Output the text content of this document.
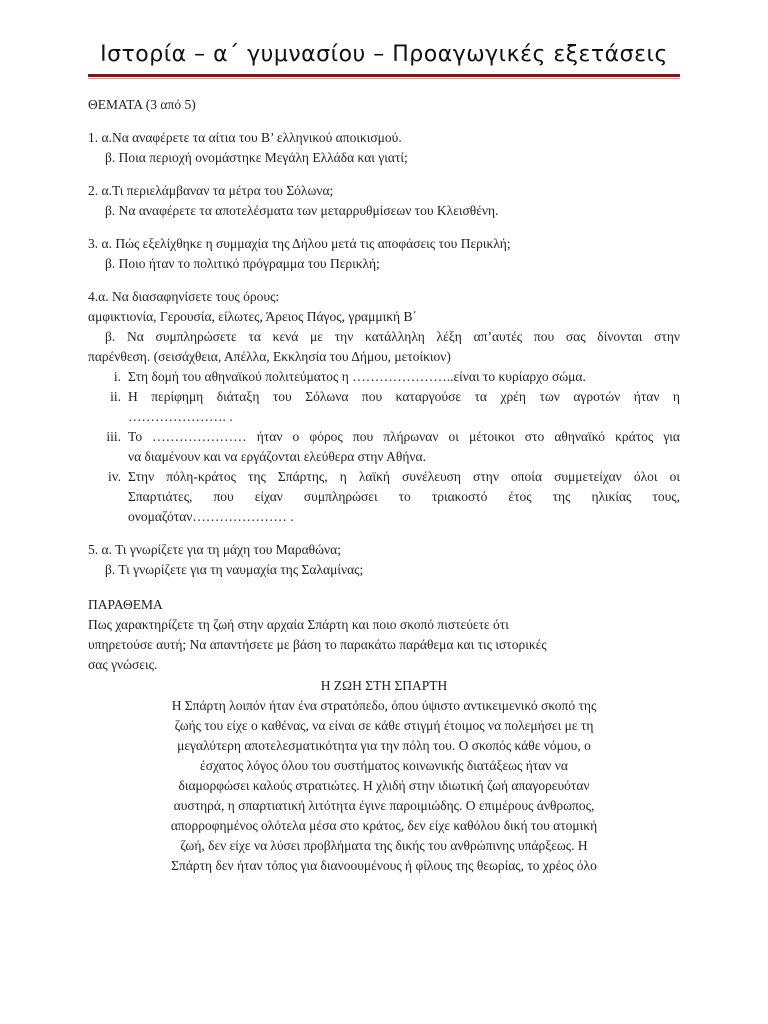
Ιστορία – α΄ γυμνασίου – Προαγωγικές εξετάσεις
ΘΕΜΑΤΑ (3 από 5)
1. α.Να αναφέρετε τα αίτια του Β’ ελληνικού αποικισμού.
β. Ποια περιοχή ονομάστηκε Μεγάλη Ελλάδα και γιατί;
2. α.Τι περιελάμβαναν τα μέτρα του Σόλωνα;
β. Να αναφέρετε τα αποτελέσματα των μεταρρυθμίσεων του Κλεισθένη.
3. α. Πώς εξελίχθηκε η συμμαχία της Δήλου μετά τις αποφάσεις του Περικλή;
β. Ποιο ήταν το πολιτικό πρόγραμμα του Περικλή;
4.α. Να διασαφηνίσετε τους όρους:
αμφικτιονία, Γερουσία, είλωτες, Άρειος Πάγος, γραμμική Β΄
β. Να συμπληρώσετε τα κενά με την κατάλληλη λέξη απ’αυτές που σας δίνονται στην
παρένθεση. (σεισάχθεια, Απέλλα, Εκκλησία του Δήμου, μετοίκιον)
i. Στη δομή του αθηναϊκού πολιτεύματος η …………………..είναι το κυρίαρχο σώμα.
ii. Η περίφημη διάταξη του Σόλωνα που καταργούσε τα χρέη των αγροτών ήταν η
…………………. .
iii. Το ………………… ήταν ο φόρος που πλήρωναν οι μέτοικοι στο αθηναϊκό κράτος για
να διαμένουν και να εργάζονται ελεύθερα στην Αθήνα.
iv. Στην πόλη-κράτος της Σπάρτης, η λαϊκή συνέλευση στην οποία συμμετείχαν όλοι οι
Σπαρτιάτες, που είχαν συμπληρώσει το τριακοστό έτος της ηλικίας τους,
ονομαζόταν………………… .
5. α. Τι γνωρίζετε για τη μάχη του Μαραθώνα;
β. Τι γνωρίζετε για τη ναυμαχία της Σαλαμίνας;
ΠΑΡΑΘΕΜΑ
Πως χαρακτηρίζετε τη ζωή στην αρχαία Σπάρτη και ποιο σκοπό πιστεύετε ότι
υπηρετούσε αυτή; Να απαντήσετε με βάση το παρακάτω παράθεμα και τις ιστορικές
σας γνώσεις.
Η ΖΩΗ ΣΤΗ ΣΠΑΡΤΗ
Η Σπάρτη λοιπόν ήταν ένα στρατόπεδο, όπου ύψιστο αντικειμενικό σκοπό της
ζωής του είχε ο καθένας, να είναι σε κάθε στιγμή έτοιμος να πολεμήσει με τη
μεγαλύτερη αποτελεσματικότητα για την πόλη του. Ο σκοπός κάθε νόμου, ο
έσχατος λόγος όλου του συστήματος κοινωνικής διατάξεως ήταν να
διαμορφώσει καλούς στρατιώτες. Η χλιδή στην ιδιωτική ζωή απαγορευόταν
αυστηρά, η σπαρτιατική λιτότητα έγινε παροιμιώδης. Ο επιμέρους άνθρωπος,
απορροφημένος ολότελα μέσα στο κράτος, δεν είχε καθόλου δική του ατομική
ζωή, δεν είχε να λύσει προβλήματα της δικής του ανθρώπινης υπάρξεως. Η
Σπάρτη δεν ήταν τόπος για διανοουμένους ή φίλους της θεωρίας, το χρέος όλο
